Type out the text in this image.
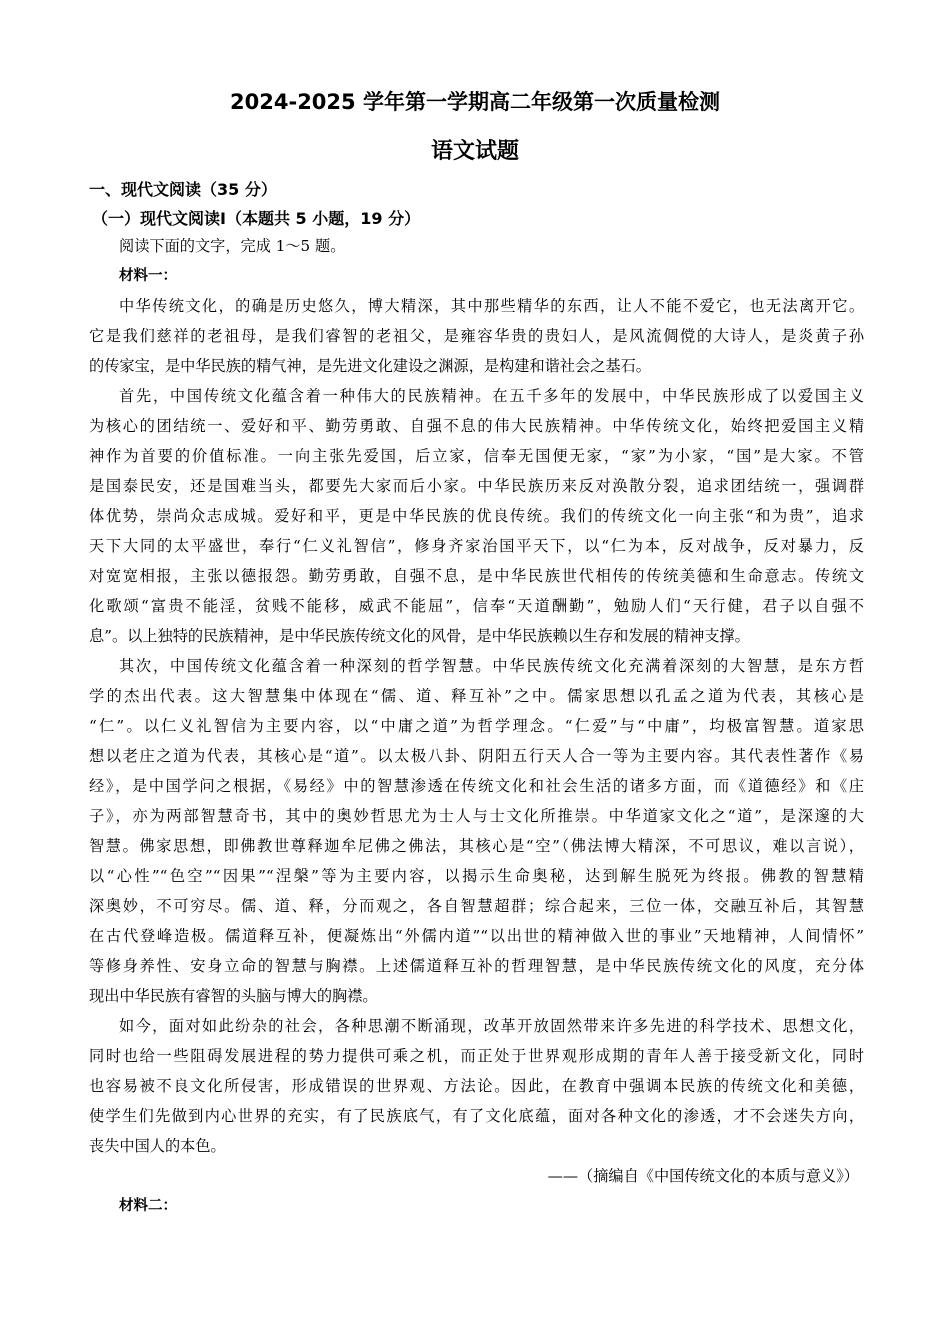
2024-2025 学年第一学期高二年级第一次质量检测
语文试题
一、现代文阅读（35 分）
（一）现代文阅读Ⅰ（本题共 5 小题，19 分）
阅读下面的文字，完成 1～5 题。
材料一：
中华传统文化，的确是历史悠久，博大精深，其中那些精华的东西，让人不能不爱它，也无法离开它。
它是我们慈祥的老祖母，是我们睿智的老祖父，是雍容华贵的贵妇人，是风流倜傥的大诗人，是炎黄子孙
的传家宝，是中华民族的精气神，是先进文化建设之渊源，是构建和谐社会之基石。
首先，中国传统文化蕴含着一种伟大的民族精神。在五千多年的发展中，中华民族形成了以爱国主义
为核心的团结统一、爱好和平、勤劳勇敢、自强不息的伟大民族精神。中华传统文化，始终把爱国主义精
神作为首要的价值标准。一向主张先爱国，后立家，信奉无国便无家，“家”为小家，“国”是大家。不管
是国泰民安，还是国难当头，都要先大家而后小家。中华民族历来反对涣散分裂，追求团结统一，强调群
体优势，崇尚众志成城。爱好和平，更是中华民族的优良传统。我们的传统文化一向主张“和为贵”，追求
天下大同的太平盛世，奉行“仁义礼智信”，修身齐家治国平天下，以“仁为本，反对战争，反对暴力，反
对宽宽相报，主张以德报怨。勤劳勇敢，自强不息，是中华民族世代相传的传统美德和生命意志。传统文
化歌颂“富贵不能淫，贫贱不能移，威武不能屈”，信奉“天道酬勤”，勉励人们“天行健，君子以自强不
息”。以上独特的民族精神，是中华民族传统文化的风骨，是中华民族赖以生存和发展的精神支撑。
其次，中国传统文化蕴含着一种深刻的哲学智慧。中华民族传统文化充满着深刻的大智慧，是东方哲
学的杰出代表。这大智慧集中体现在“儒、道、释互补”之中。儒家思想以孔孟之道为代表，其核心是
“仁”。以仁义礼智信为主要内容，以“中庸之道”为哲学理念。“仁爱”与“中庸”，均极富智慧。道家思
想以老庄之道为代表，其核心是“道”。以太极八卦、阴阳五行天人合一等为主要内容。其代表性著作《易
经》，是中国学问之根据，《易经》中的智慧渗透在传统文化和社会生活的诸多方面，而《道德经》和《庄
子》，亦为两部智慧奇书，其中的奥妙哲思尤为士人与士文化所推崇。中华道家文化之“道”，是深邃的大
智慧。佛家思想，即佛教世尊释迦牟尼佛之佛法，其核心是“空”（佛法博大精深，不可思议，难以言说），
以“心性”“色空”“因果”“涅槃”等为主要内容，以揭示生命奥秘，达到解生脱死为终报。佛教的智慧精
深奥妙，不可穷尽。儒、道、释，分而观之，各自智慧超群；综合起来，三位一体，交融互补后，其智慧
在古代登峰造极。儒道释互补，便凝炼出“外儒内道”“以出世的精神做入世的事业”天地精神，人间情怀”
等修身养性、安身立命的智慧与胸襟。上述儒道释互补的哲理智慧，是中华民族传统文化的风度，充分体
现出中华民族有睿智的头脑与博大的胸襟。
如今，面对如此纷杂的社会，各种思潮不断涌现，改革开放固然带来许多先进的科学技术、思想文化，
同时也给一些阻碍发展进程的势力提供可乘之机，而正处于世界观形成期的青年人善于接受新文化，同时
也容易被不良文化所侵害，形成错误的世界观、方法论。因此，在教育中强调本民族的传统文化和美德，
使学生们先做到内心世界的充实，有了民族底气，有了文化底蕴，面对各种文化的渗透，才不会迷失方向，
丧失中国人的本色。
——（摘编自《中国传统文化的本质与意义》）
材料二：
